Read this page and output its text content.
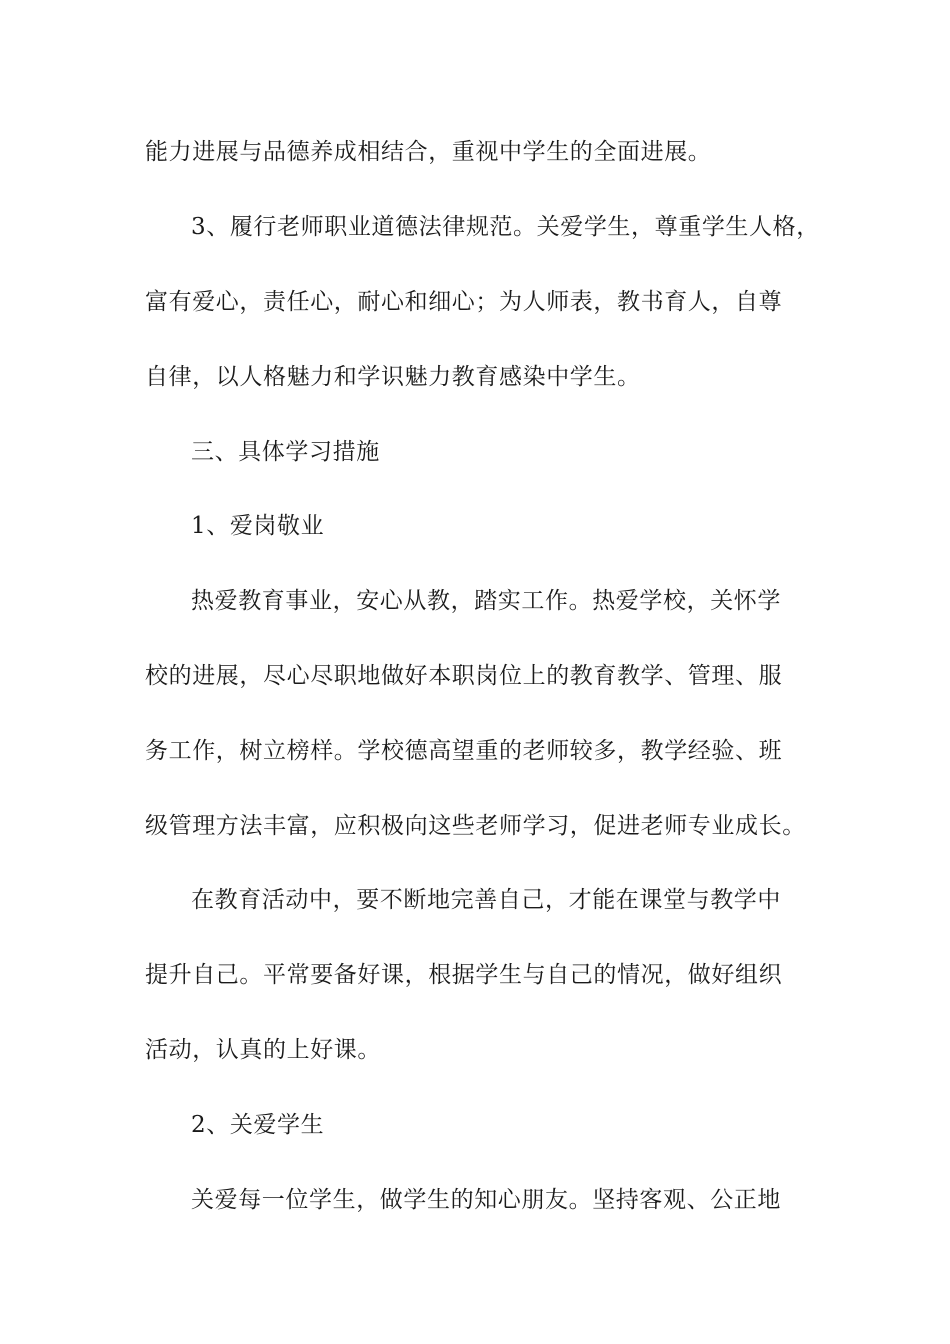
能力进展与品德养成相结合，重视中学生的全面进展。
3、履行老师职业道德法律规范。关爱学生，尊重学生人格，
富有爱心，责任心，耐心和细心；为人师表，教书育人，自尊
自律，以人格魅力和学识魅力教育感染中学生。
三、具体学习措施
1、爱岗敬业
热爱教育事业，安心从教，踏实工作。热爱学校，关怀学
校的进展，尽心尽职地做好本职岗位上的教育教学、管理、服
务工作，树立榜样。学校德高望重的老师较多，教学经验、班
级管理方法丰富，应积极向这些老师学习，促进老师专业成长。
在教育活动中，要不断地完善自己，才能在课堂与教学中
提升自己。平常要备好课，根据学生与自己的情况，做好组织
活动，认真的上好课。
2、关爱学生
关爱每一位学生，做学生的知心朋友。坚持客观、公正地
